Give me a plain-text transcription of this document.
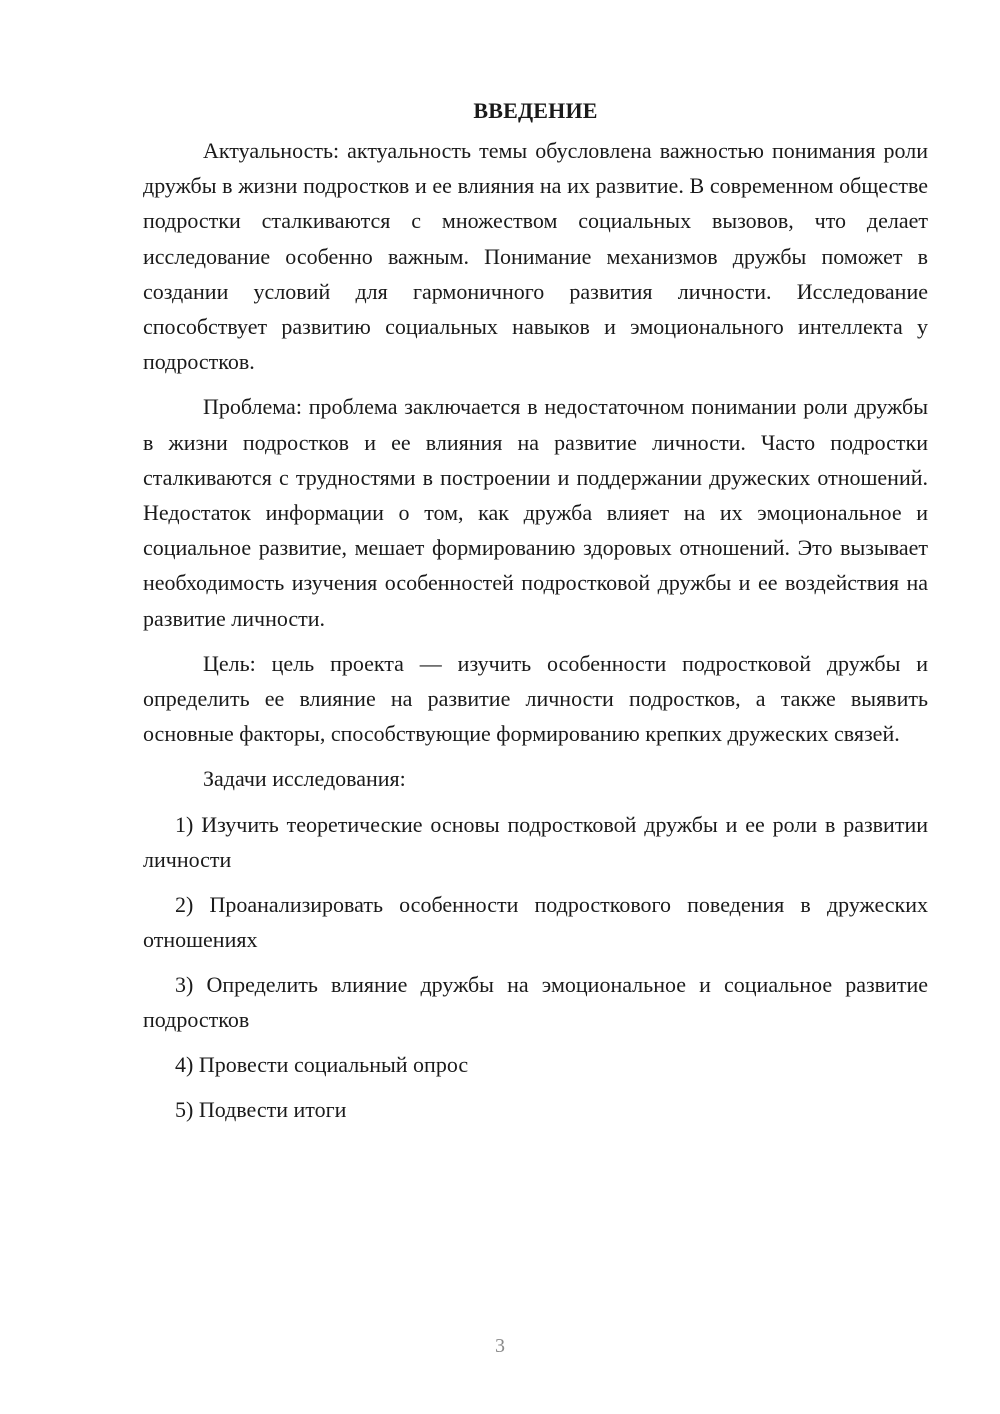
ВВЕДЕНИЕ

Актуальность: актуальность темы обусловлена важностью понимания роли дружбы в жизни подростков и ее влияния на их развитие. В современном обществе подростки сталкиваются с множеством социальных вызовов, что делает исследование особенно важным. Понимание механизмов дружбы поможет в создании условий для гармоничного развития личности. Исследование способствует развитию социальных навыков и эмоционального интеллекта у подростков.

Проблема: проблема заключается в недостаточном понимании роли дружбы в жизни подростков и ее влияния на развитие личности. Часто подростки сталкиваются с трудностями в построении и поддержании дружеских отношений. Недостаток информации о том, как дружба влияет на их эмоциональное и социальное развитие, мешает формированию здоровых отношений. Это вызывает необходимость изучения особенностей подростковой дружбы и ее воздействия на развитие личности.

Цель: цель проекта — изучить особенности подростковой дружбы и определить ее влияние на развитие личности подростков, а также выявить основные факторы, способствующие формированию крепких дружеских связей.

Задачи исследования:

1) Изучить теоретические основы подростковой дружбы и ее роли в развитии личности

2) Проанализировать особенности подросткового поведения в дружеских отношениях

3) Определить влияние дружбы на эмоциональное и социальное развитие подростков

4) Провести социальный опрос

5) Подвести итоги

3
